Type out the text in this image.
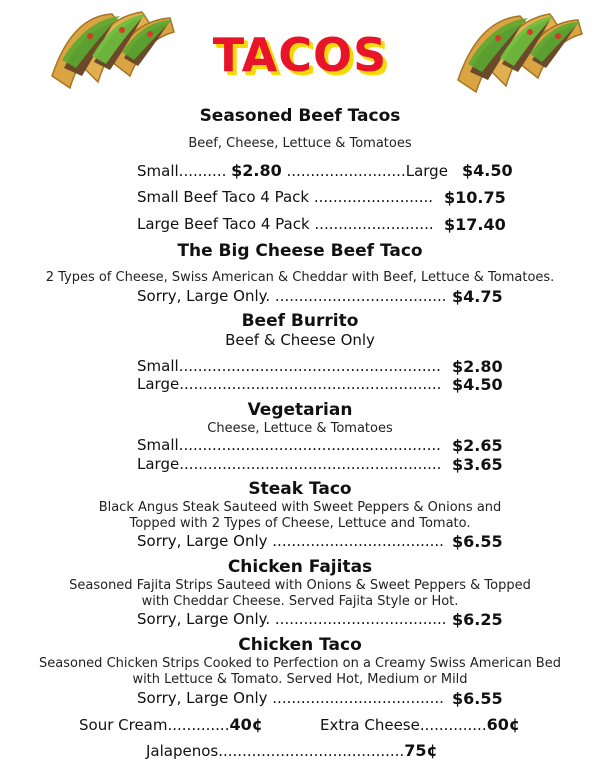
TACOS
Seasoned Beef Tacos
Beef, Cheese, Lettuce & Tomatoes
Small.......... $2.80 .........................Large $4.50
Small Beef Taco 4 Pack ......................... $10.75
Large Beef Taco 4 Pack ......................... $17.40
The Big Cheese Beef Taco
2 Types of Cheese, Swiss American & Cheddar with Beef, Lettuce & Tomatoes.
Sorry, Large Only. .................................... $4.75
Beef Burrito
Beef & Cheese Only
Small....................................................... $2.80
Large....................................................... $4.50
Vegetarian
Cheese, Lettuce & Tomatoes
Small....................................................... $2.65
Large....................................................... $3.65
Steak Taco
Black Angus Steak Sauteed with Sweet Peppers & Onions and
Topped with 2 Types of Cheese, Lettuce and Tomato.
Sorry, Large Only .................................... $6.55
Chicken Fajitas
Seasoned Fajita Strips Sauteed with Onions & Sweet Peppers & Topped
with Cheddar Cheese. Served Fajita Style or Hot.
Sorry, Large Only. .................................... $6.25
Chicken Taco
Seasoned Chicken Strips Cooked to Perfection on a Creamy Swiss American Bed
with Lettuce & Tomato. Served Hot, Medium or Mild
Sorry, Large Only .................................... $6.55
Sour Cream.............40¢	Extra Cheese..............60¢
Jalapenos.......................................75¢
